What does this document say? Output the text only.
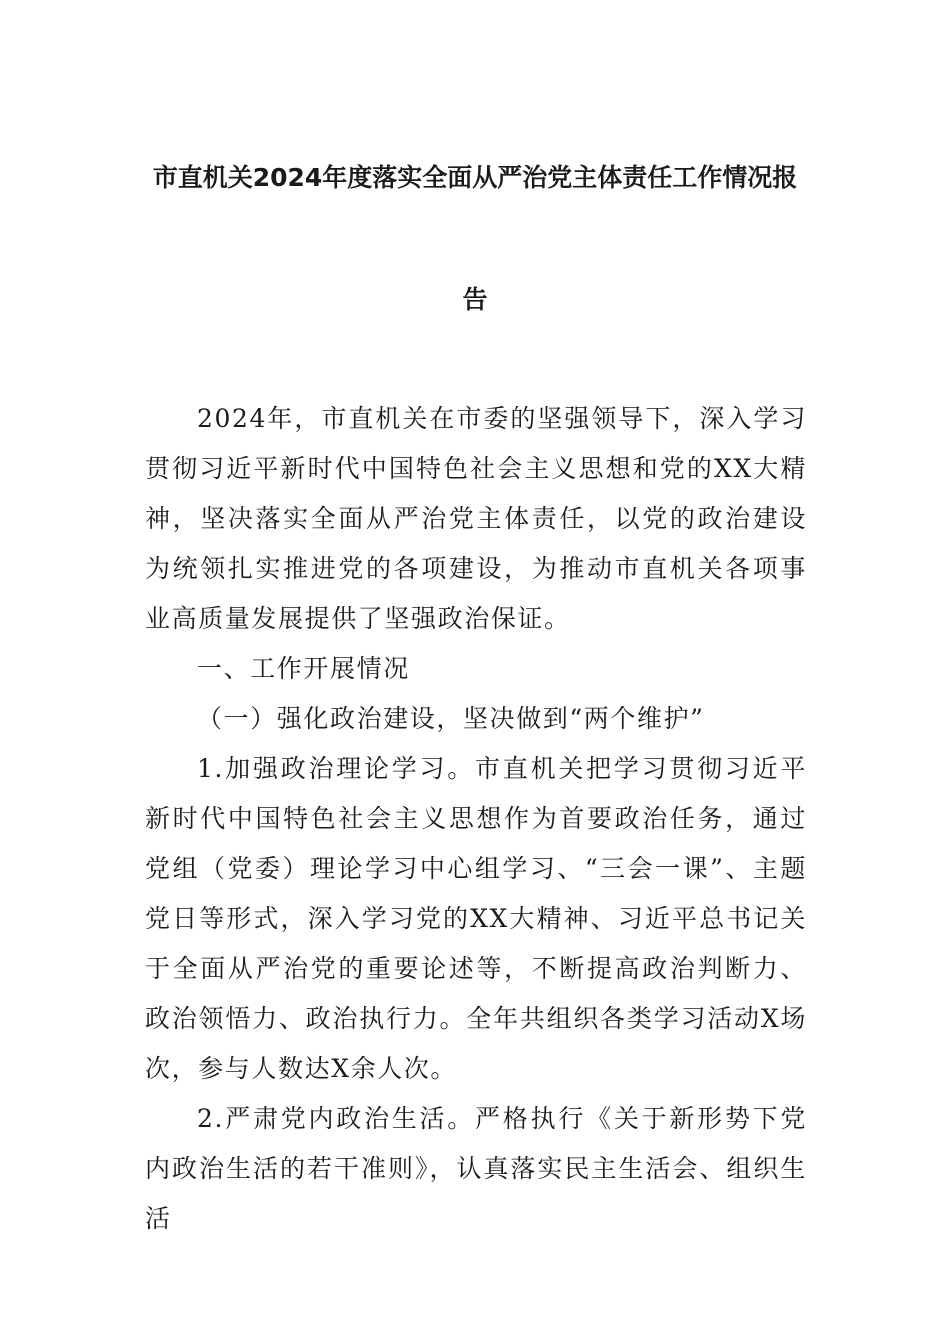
市直机关2024年度落实全面从严治党主体责任工作情况报
告

2024年，市直机关在市委的坚强领导下，深入学习贯彻习近平新时代中国特色社会主义思想和党的XX大精神，坚决落实全面从严治党主体责任，以党的政治建设为统领扎实推进党的各项建设，为推动市直机关各项事业高质量发展提供了坚强政治保证。

一、工作开展情况

（一）强化政治建设，坚决做到“两个维护”

1.加强政治理论学习。市直机关把学习贯彻习近平新时代中国特色社会主义思想作为首要政治任务，通过党组（党委）理论学习中心组学习、“三会一课”、主题党日等形式，深入学习党的XX大精神、习近平总书记关于全面从严治党的重要论述等，不断提高政治判断力、政治领悟力、政治执行力。全年共组织各类学习活动X场次，参与人数达X余人次。

2.严肃党内政治生活。严格执行《关于新形势下党内政治生活的若干准则》，认真落实民主生活会、组织生活
